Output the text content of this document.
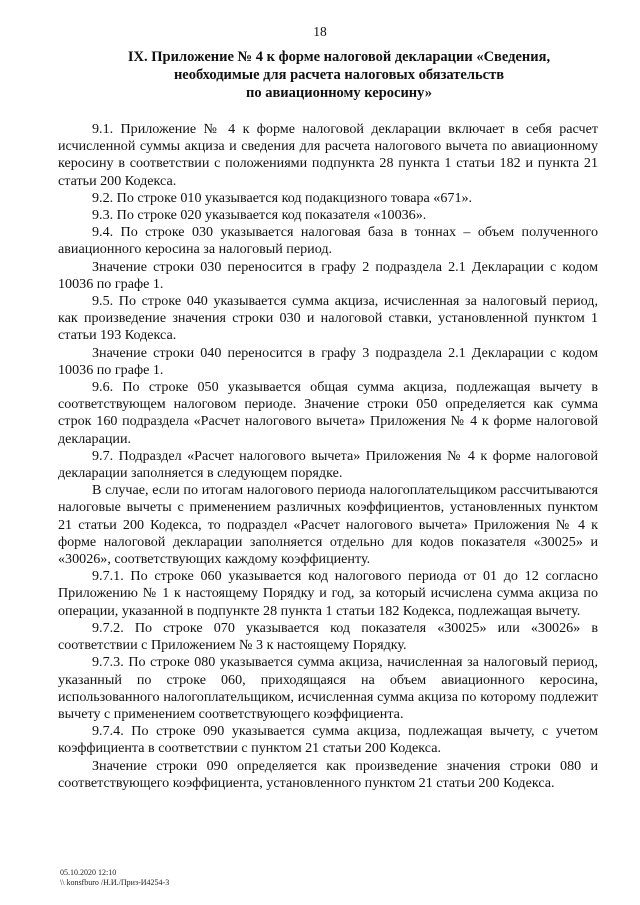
18
IX. Приложение № 4 к форме налоговой декларации «Сведения,
необходимые для расчета налоговых обязательств
по авиационному керосину»

9.1. Приложение № 4 к форме налоговой декларации включает в себя расчет исчисленной суммы акциза и сведения для расчета налогового вычета по авиационному керосину в соответствии с положениями подпункта 28 пункта 1 статьи 182 и пункта 21 статьи 200 Кодекса.

9.2. По строке 010 указывается код подакцизного товара «671».

9.3. По строке 020 указывается код показателя «10036».

9.4. По строке 030 указывается налоговая база в тоннах – объем полученного авиационного керосина за налоговый период.

Значение строки 030 переносится в графу 2 подраздела 2.1 Декларации с кодом 10036 по графе 1.

9.5. По строке 040 указывается сумма акциза, исчисленная за налоговый период, как произведение значения строки 030 и налоговой ставки, установленной пунктом 1 статьи 193 Кодекса.

Значение строки 040 переносится в графу 3 подраздела 2.1 Декларации с кодом 10036 по графе 1.

9.6. По строке 050 указывается общая сумма акциза, подлежащая вычету в соответствующем налоговом периоде. Значение строки 050 определяется как сумма строк 160 подраздела «Расчет налогового вычета» Приложения № 4 к форме налоговой декларации.

9.7. Подраздел «Расчет налогового вычета» Приложения № 4 к форме налоговой декларации заполняется в следующем порядке.

В случае, если по итогам налогового периода налогоплательщиком рассчитываются налоговые вычеты с применением различных коэффициентов, установленных пунктом 21 статьи 200 Кодекса, то подраздел «Расчет налогового вычета» Приложения № 4 к форме налоговой декларации заполняется отдельно для кодов показателя «30025» и «30026», соответствующих каждому коэффициенту.

9.7.1. По строке 060 указывается код налогового периода от 01 до 12 согласно Приложению № 1 к настоящему Порядку и год, за который исчислена сумма акциза по операции, указанной в подпункте 28 пункта 1 статьи 182 Кодекса, подлежащая вычету.

9.7.2. По строке 070 указывается код показателя «30025» или «30026» в соответствии с Приложением № 3 к настоящему Порядку.

9.7.3. По строке 080 указывается сумма акциза, начисленная за налоговый период, указанный по строке 060, приходящаяся на объем авиационного керосина, использованного налогоплательщиком, исчисленная сумма акциза по которому подлежит вычету с применением соответствующего коэффициента.

9.7.4. По строке 090 указывается сумма акциза, подлежащая вычету, с учетом коэффициента в соответствии с пунктом 21 статьи 200 Кодекса.

Значение строки 090 определяется как произведение значения строки 080 и соответствующего коэффициента, установленного пунктом 21 статьи 200 Кодекса.

05.10.2020 12:10
\\ konsfburo /Н.И./Приз-И4254-3
